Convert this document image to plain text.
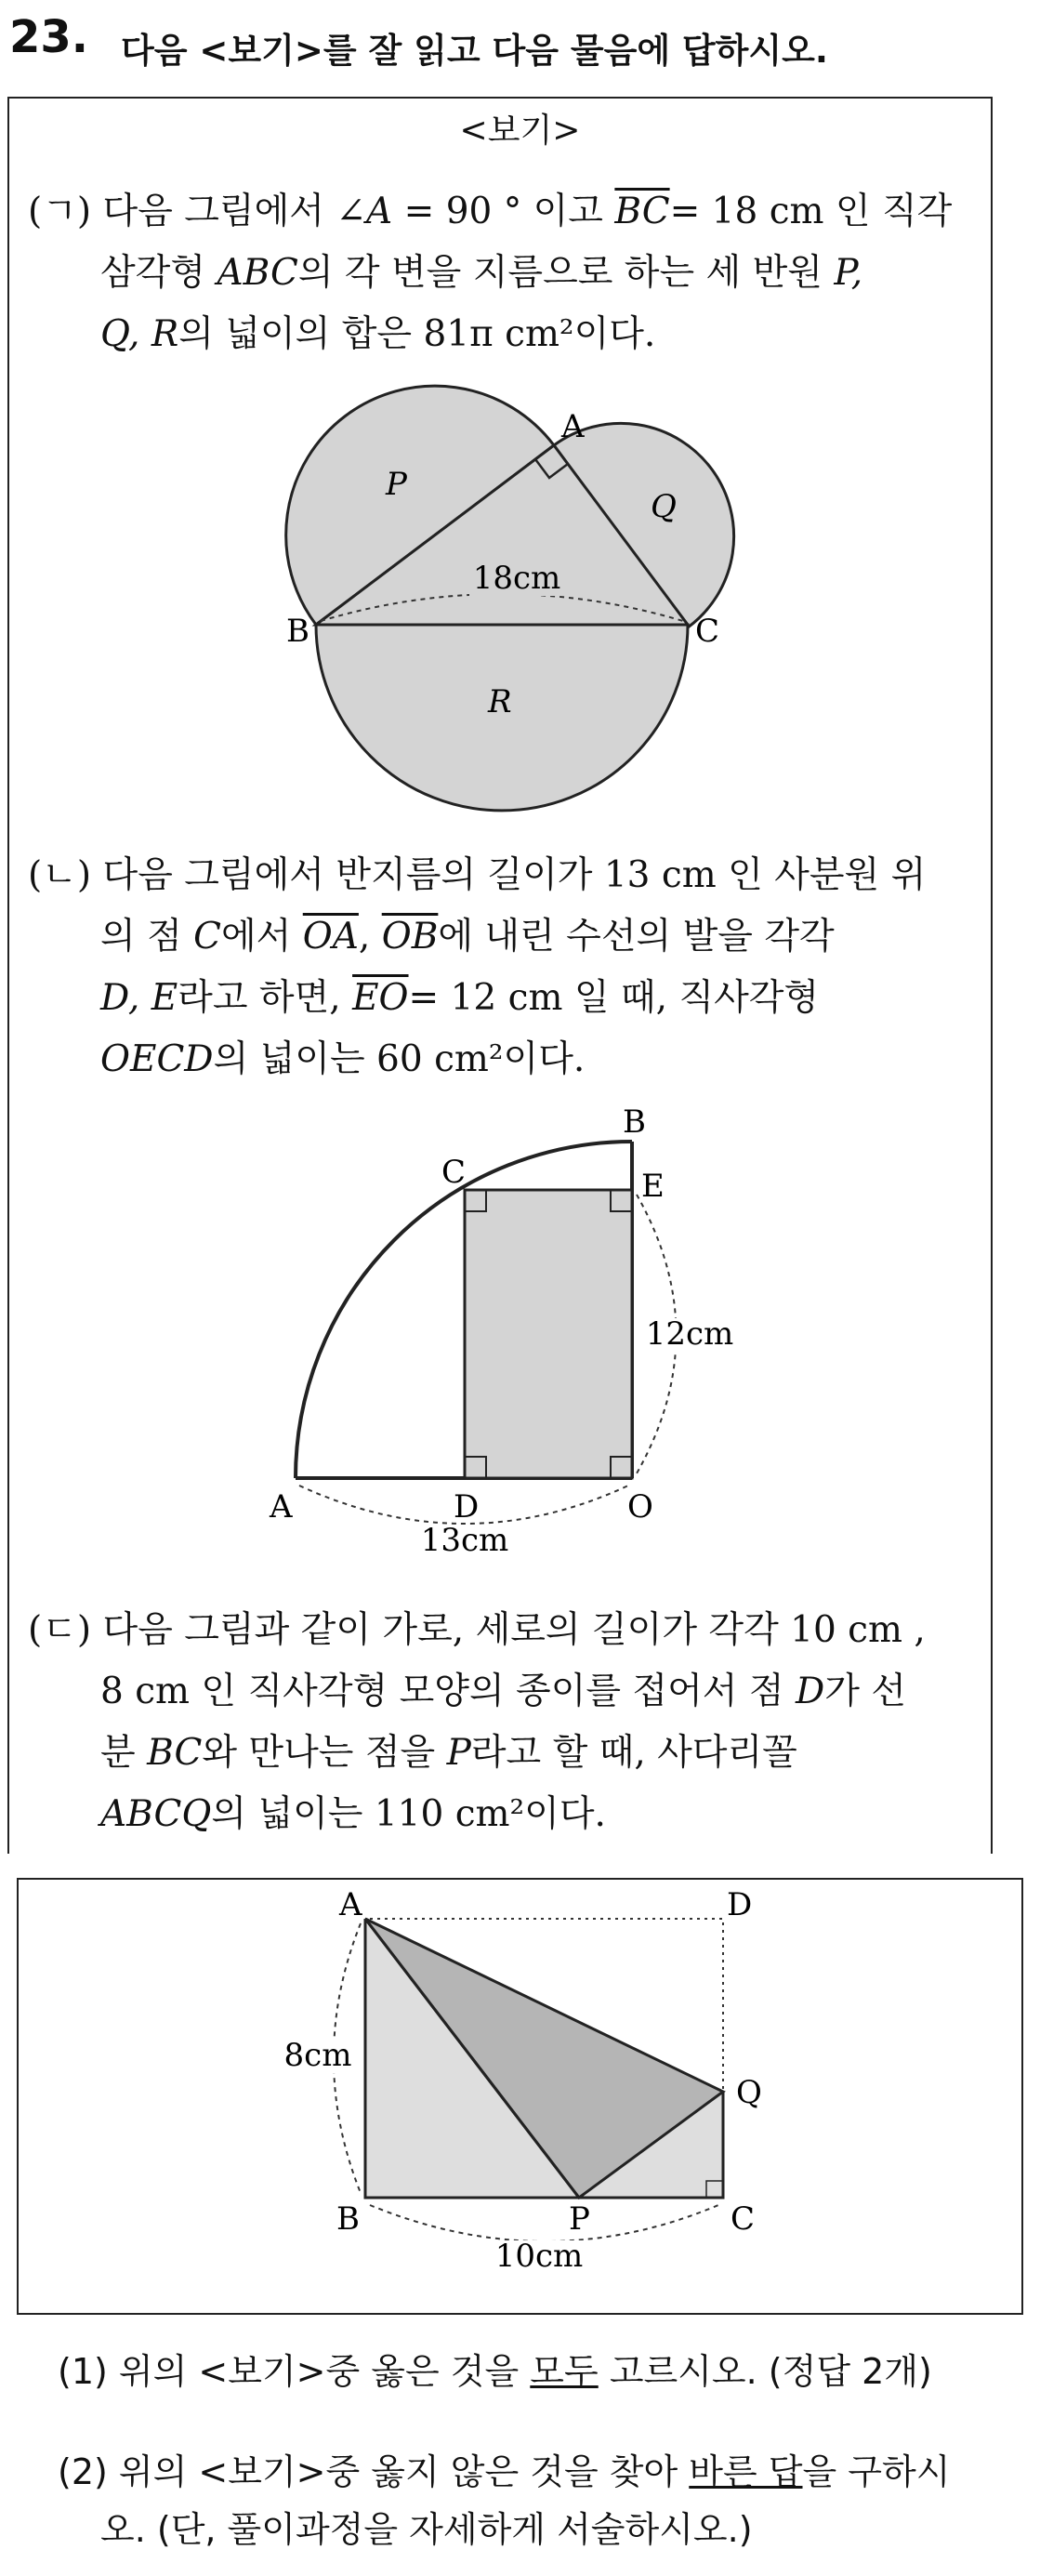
23. 다음 <보기>를 잘 읽고 다음 물음에 답하시오.
<보기>
(ㄱ) 다음 그림에서 ∠A = 90 ° 이고 $\overline{BC}= 18$ cm 인 직각
삼각형 ABC의 각 변을 지름으로 하는 세 반원 P,
Q, R의 넓이의 합은 81π cm²이다.
18cm
A
B	C
P
Q
R
(ㄴ) 다음 그림에서 반지름의 길이가 13 cm 인 사분원 위
의 점 C에서 $\overline{OA}$, $\overline{OB}$에 내린 수선의 발을 각각
D, E라고 하면, $\overline{EO}= 12$ cm 일 때, 직사각형
OECD의 넓이는 60 cm²이다.
13cm
12cm
A
B
C
D
E
O
(ㄷ) 다음 그림과 같이 가로, 세로의 길이가 각각 10 cm ,
8 cm 인 직사각형 모양의 종이를 접어서 점 D가 선
분 BC와 만나는 점을 P라고 할 때, 사다리꼴
ABCQ의 넓이는 110 cm²이다.
8cm
10cm
A
B	C
D
P
Q
(1) 위의 <보기>중 옳은 것을 모두 고르시오. (정답 2개)
(2) 위의 <보기>중 옳지 않은 것을 찾아 바른 답을 구하시
오. (단, 풀이과정을 자세하게 서술하시오.)
